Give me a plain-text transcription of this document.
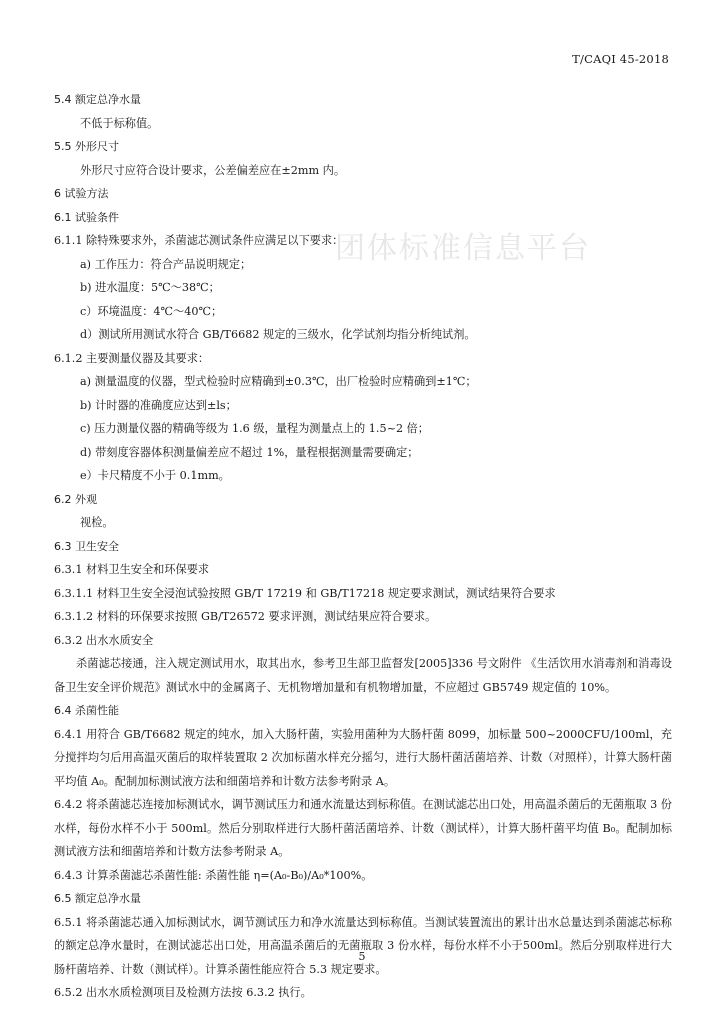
T/CAQI 45-2018
团体标准信息平台
5.4 额定总净水量
不低于标称值。
5.5 外形尺寸
外形尺寸应符合设计要求，公差偏差应在±2mm 内。
6 试验方法
6.1 试验条件
6.1.1 除特殊要求外，杀菌滤芯测试条件应满足以下要求：
a) 工作压力：符合产品说明规定；
b) 进水温度：5℃～38℃；
c）环境温度：4℃～40℃；
d）测试所用测试水符合 GB/T6682 规定的三级水，化学试剂均指分析纯试剂。
6.1.2 主要测量仪器及其要求：
a) 测量温度的仪器，型式检验时应精确到±0.3℃，出厂检验时应精确到±1℃；
b) 计时器的准确度应达到±ls；
c) 压力测量仪器的精确等级为 1.6 级，量程为测量点上的 1.5~2 倍；
d) 带刻度容器体积测量偏差应不超过 1%，量程根据测量需要确定；
e）卡尺精度不小于 0.1mm。
6.2 外观
视检。
6.3 卫生安全
6.3.1 材料卫生安全和环保要求
6.3.1.1 材料卫生安全浸泡试验按照 GB/T 17219 和 GB/T17218 规定要求测试，测试结果符合要求
6.3.1.2 材料的环保要求按照 GB/T26572 要求评测，测试结果应符合要求。
6.3.2 出水水质安全
杀菌滤芯接通，注入规定测试用水，取其出水，参考卫生部卫监督发[2005]336 号文附件 《生活饮用水消毒剂和消毒设备卫生安全评价规范》测试水中的金属离子、无机物增加量和有机物增加量，不应超过 GB5749 规定值的 10%。
6.4 杀菌性能
6.4.1 用符合 GB/T6682 规定的纯水，加入大肠杆菌，实验用菌种为大肠杆菌 8099，加标量 500~2000CFU/100ml，充分搅拌均匀后用高温灭菌后的取样装置取 2 次加标菌水样充分摇匀，进行大肠杆菌活菌培养、计数（对照样），计算大肠杆菌平均值 A₀。配制加标测试液方法和细菌培养和计数方法参考附录 A。
6.4.2 将杀菌滤芯连接加标测试水，调节测试压力和通水流量达到标称值。在测试滤芯出口处，用高温杀菌后的无菌瓶取 3 份水样，每份水样不小于 500ml。然后分别取样进行大肠杆菌活菌培养、计数（测试样），计算大肠杆菌平均值 B₀。配制加标测试液方法和细菌培养和计数方法参考附录 A。
6.4.3 计算杀菌滤芯杀菌性能: 杀菌性能 η=(A₀-B₀)/A₀*100%。
6.5 额定总净水量
6.5.1 将杀菌滤芯通入加标测试水，调节测试压力和净水流量达到标称值。当测试装置流出的累计出水总量达到杀菌滤芯标称的额定总净水量时，在测试滤芯出口处，用高温杀菌后的无菌瓶取 3 份水样，每份水样不小于500ml。然后分别取样进行大肠杆菌培养、计数（测试样）。计算杀菌性能应符合 5.3 规定要求。
6.5.2 出水水质检测项目及检测方法按 6.3.2 执行。
5
